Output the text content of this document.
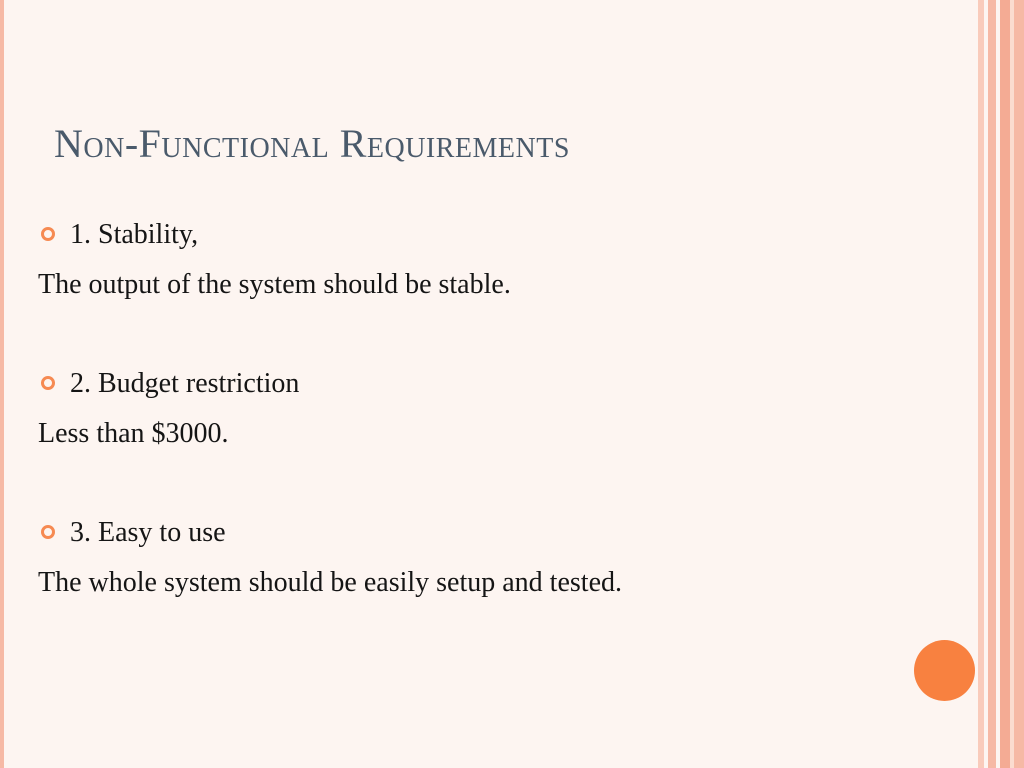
Non-Functional Requirements
1. Stability,
The output of the system should be stable.
2. Budget restriction
Less than $3000.
3. Easy to use
The whole system should be easily setup and tested.
